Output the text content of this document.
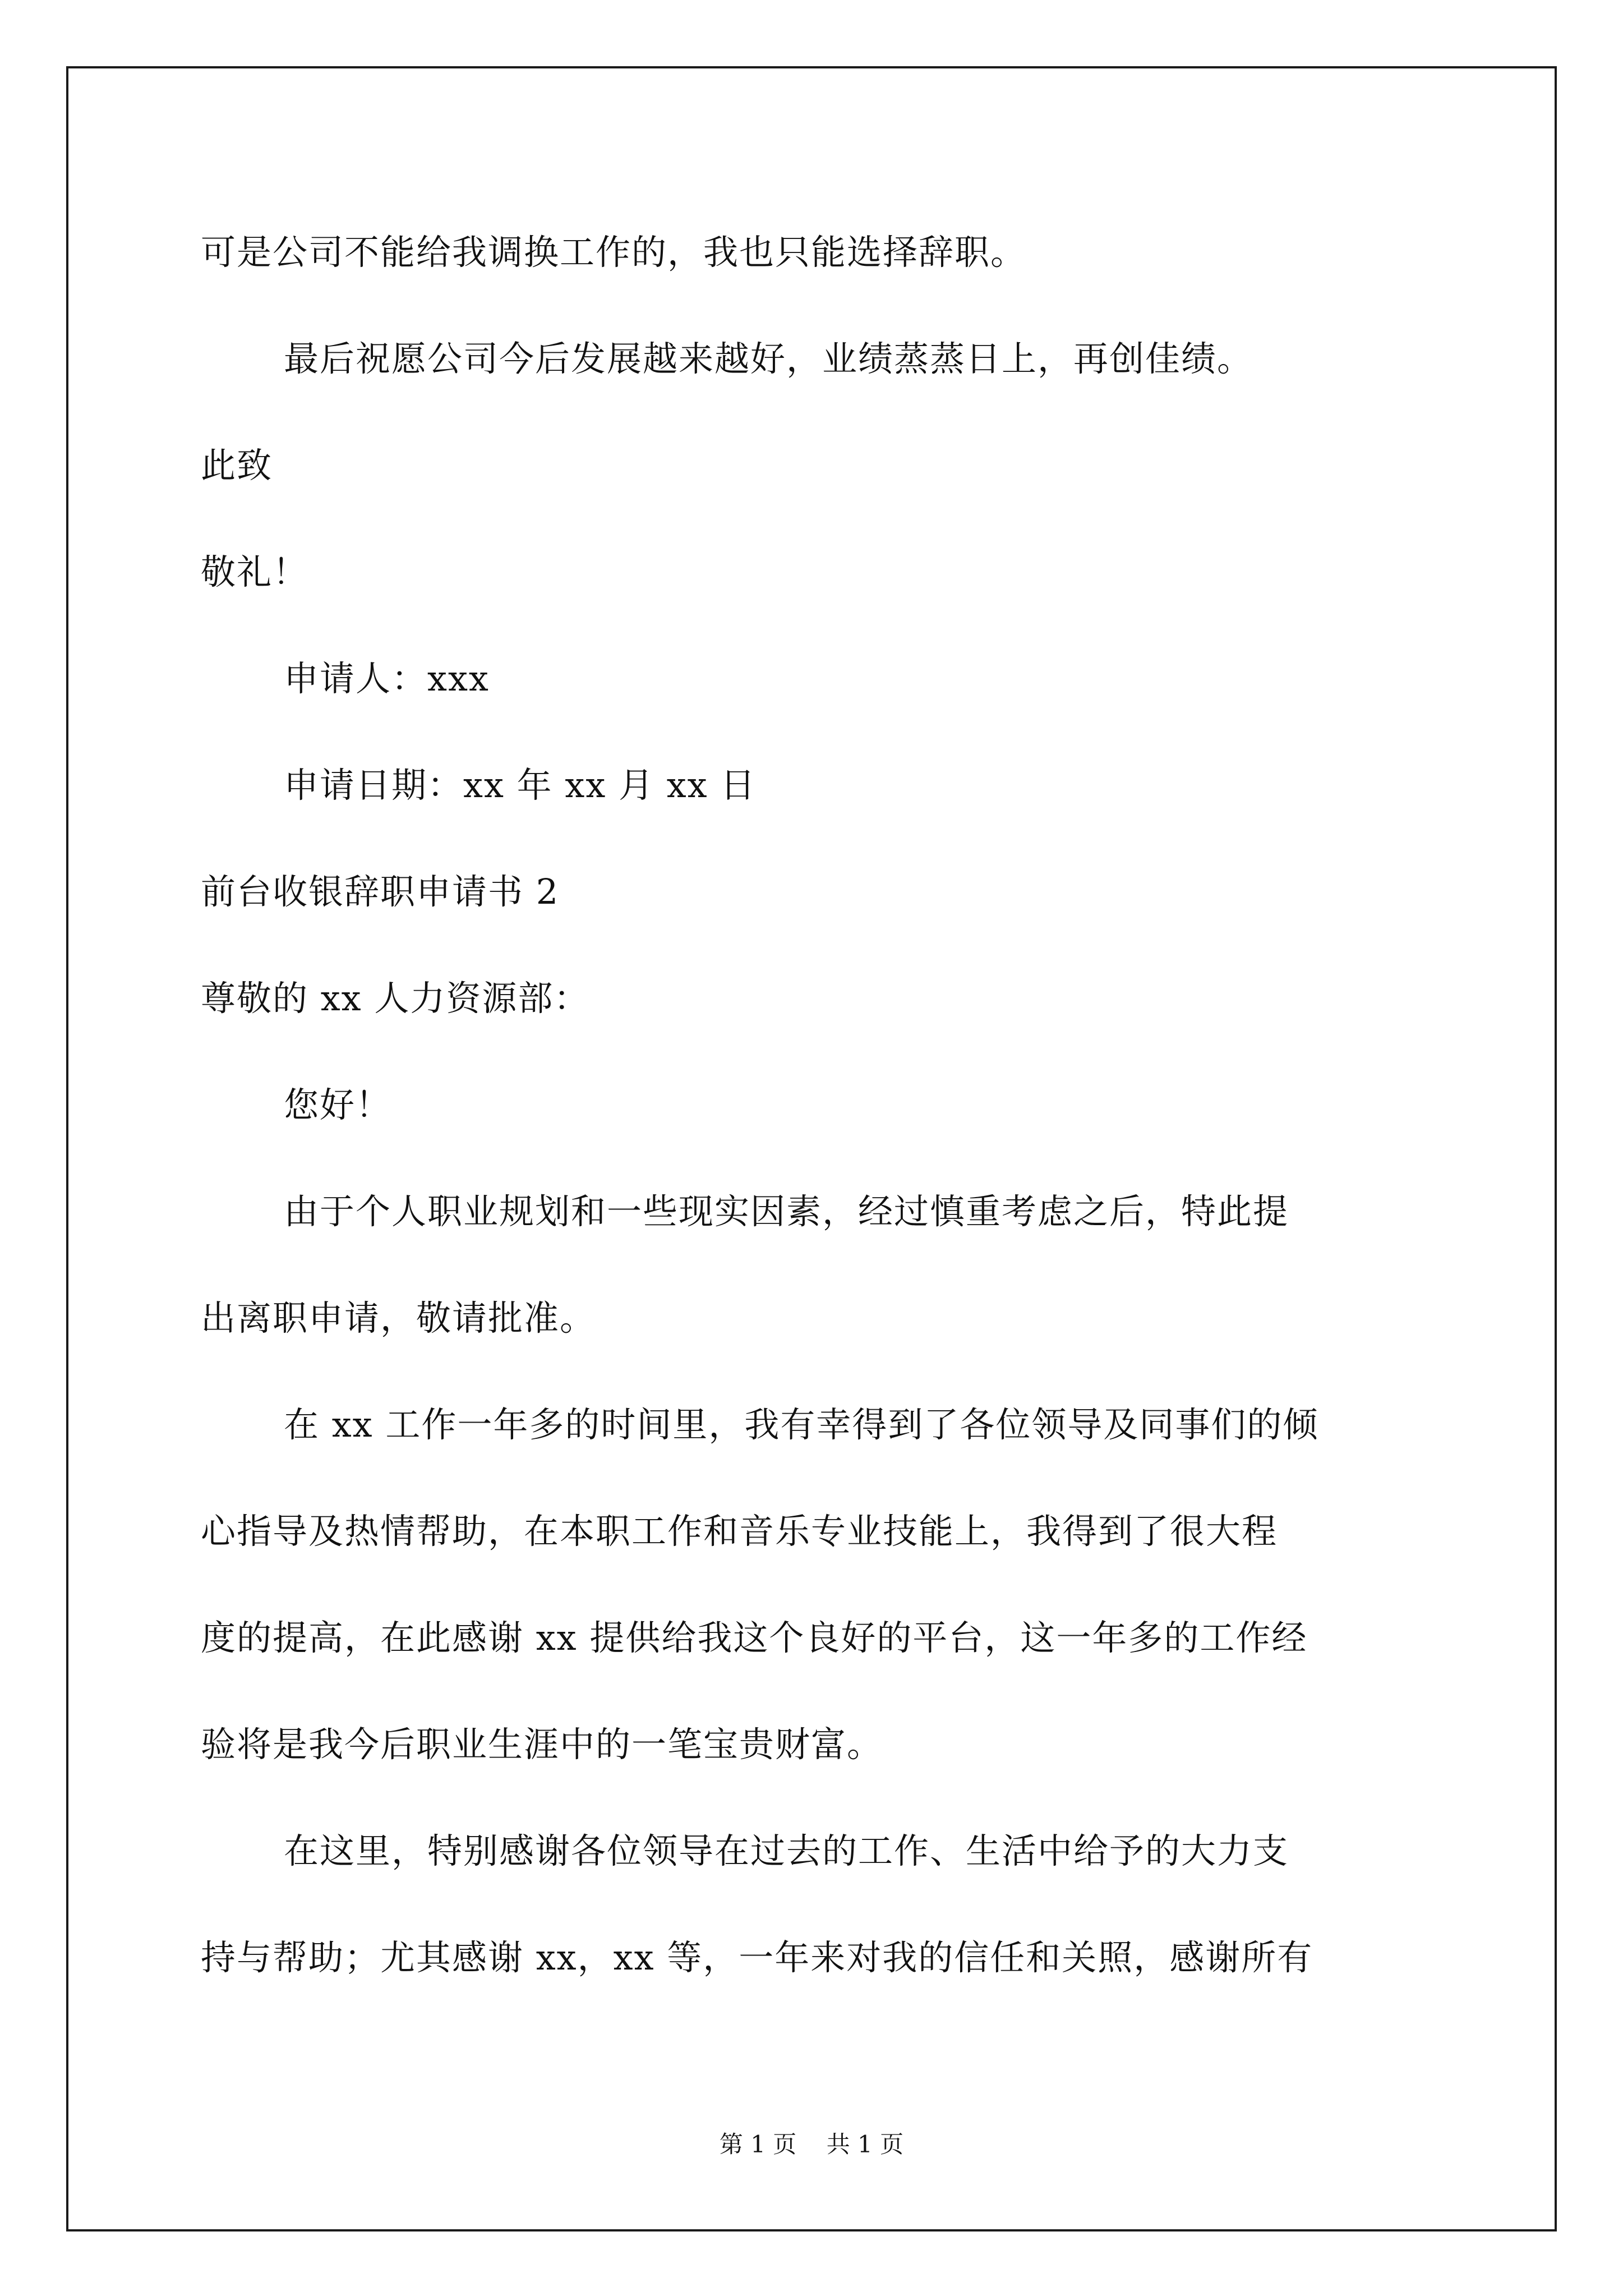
可是公司不能给我调换工作的，我也只能选择辞职。
最后祝愿公司今后发展越来越好，业绩蒸蒸日上，再创佳绩。
此致
敬礼！
申请人：xxx
申请日期：xx 年 xx 月 xx 日
前台收银辞职申请书 2
尊敬的 xx 人力资源部：
您好！
由于个人职业规划和一些现实因素，经过慎重考虑之后，特此提
出离职申请，敬请批准。
在 xx 工作一年多的时间里，我有幸得到了各位领导及同事们的倾
心指导及热情帮助，在本职工作和音乐专业技能上，我得到了很大程
度的提高，在此感谢 xx 提供给我这个良好的平台，这一年多的工作经
验将是我今后职业生涯中的一笔宝贵财富。
在这里，特别感谢各位领导在过去的工作、生活中给予的大力支
持与帮助；尤其感谢 xx，xx 等，一年来对我的信任和关照，感谢所有
第 1 页    共 1 页
